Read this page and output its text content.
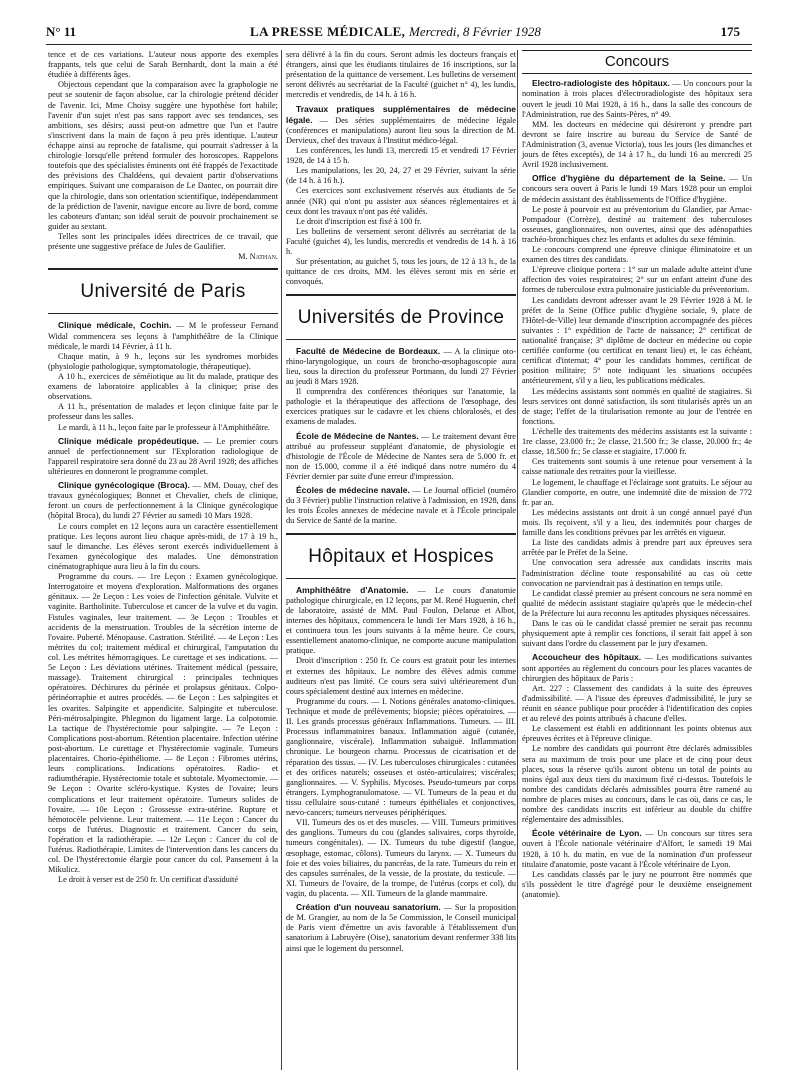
N° 11	LA PRESSE MÉDICALE, Mercredi, 8 Février 1928	175

tence et de ces variations. L'auteur nous apporte des exemples frappants, tels que celui de Sarah Bernhardt, dont la main a été étudiée à différents âges.

Objectous cependant que la comparaison avec la graphologie ne peut se soutenir de façon absolue, car la chirologie prétend décider de l'avenir. Ici, Mme Choisy suggère une hypothèse fort habile; l'avenir d'un sujet n'est pas sans rapport avec ses tendances, ses ambitions, ses désirs; aussi peut-on admettre que l'un et l'autre s'inscrivent dans la main de façon à peu près identique. L'auteur échappe ainsi au reproche de fatalisme, qui pourrait s'adresser à la chirologie lorsqu'elle prétend formuler des horoscopes. Rappelons toutefois que des spécialistes éminents ont été frappés de l'exactitude des prévisions des Chaldéens, qui devaient partir d'observations empiriques. Suivant une comparaison de Le Dantec, on pourrait dire que la chirologie, dans son orientation scientifique, indépendamment de la prédiction de l'avenir, navigue encore au livre de bord, comme les caboteurs d'antan; son idéal serait de pouvoir prochainement se guider au sextant.

Telles sont les principales idées directrices de ce travail, que présente une suggestive préface de Jules de Gaulifier.

M. Nathan.
Université de Paris

Clinique médicale, Cochin. — M le professeur Fernand Widal commencera ses leçons à l'amphithéâtre de la Clinique médicale, le mardi 14 Février, à 11 h.

Chaque matin, à 9 h., leçons sur les syndromes morbides (physiologie pathologique, symptomatologie, thérapeutique).

A 10 h., exercices de séméiotique au lit du malade, pratique des examens de laboratoire applicables à la clinique; prise des observations.

A 11 h., présentation de malades et leçon clinique faite par le professeur dans les salles.

Le mardi, à 11 h., leçon faite par le professeur à l'Amphithéâtre.

Clinique médicale propédeutique. — Le premier cours annuel de perfectionnement sur l'Exploration radiologique de l'appareil respiratoire sera donné du 23 au 28 Avril 1928; des affiches ultérieures en donneront le programme complet.

Clinique gynécologique (Broca). — MM. Douay, chef des travaux gynécologiques; Bonnet et Chevalier, chefs de clinique, feront un cours de perfectionnement à la Clinique gynécologique (hôpital Broca), du lundi 27 Février au samedi 10 Mars 1928.

Le cours complet en 12 leçons aura un caractère essentiellement pratique. Les leçons auront lieu chaque après-midi, de 17 à 19 h., sauf le dimanche. Les élèves seront exercés individuellement à l'examen gynécologique des malades. Une démonstration cinématographique aura lieu à la fin du cours.

Programme du cours. — 1re Leçon : Examen gynécologique. Interrogatoire et moyens d'exploration. Malformations des organes génitaux. — 2e Leçon : Les voies de l'infection génitale. Vulvite et vaginite. Bartholinite. Tuberculose et cancer de la vulve et du vagin. Fistules vaginales, leur traitement. — 3e Leçon : Troubles et accidents de la menstruation. Troubles de la sécrétion interne de l'ovaire. Puberté. Ménopause. Castration. Stérilité. — 4e Leçon : Les métrites du col; traitement médical et chirurgical, l'amputation du col. Les métrites hémorragiques. Le curettage et ses indications. — 5e Leçon : Les déviations utérines. Traitement médical (pessaire, massage). Traitement chirurgical : principales techniques opératoires. Déchirures du périnée et prolapsus génitaux. Colpo-périnéorraphie et autres procédés. — 6e Leçon : Les salpingites et les ovarites. Salpingite et appendicite. Salpingite et tuberculose. Péri-métrosalpingite. Phlegmon du ligament large. La colpotomie. La tactique de l'hystérectomie pour salpingite. — 7e Leçon : Complications post-abortum. Rétention placentaire. Infection utérine post-abortum. Le curettage et l'hystérectomie vaginale. Tumeurs placentaires. Chorio-épithéliome. — 8e Leçon : Fibromes utérins, leurs complications. Indications opératoires. Radio- et radiumthérapie. Hystérectomie totale et subtotale. Myomectomie. — 9e Leçon : Ovarite scléro-kystique. Kystes de l'ovaire; leurs complications et leur traitement opératoire. Tumeurs solides de l'ovaire. — 10e Leçon : Grossesse extra-utérine. Rupture et hémotocèle pelvienne. Leur traitement. — 11e Leçon : Cancer du corps de l'utérus. Diagnostic et traitement. Cancer du sein, l'opération et la radiothérapie. — 12e Leçon : Cancer du col de l'utérus. Radiothérapie. Limites de l'intervention dans les cancers du col. De l'hystérectomie élargie pour cancer du col. Pansement à la Mikulicz.

Le droit à verser est de 250 fr. Un certificat d'assiduité

sera délivré à la fin du cours. Seront admis les docteurs français et étrangers, ainsi que les étudiants titulaires de 16 inscriptions, sur la présentation de la quittance de versement. Les bulletins de versement seront délivrés au secrétariat de la Faculté (guichet n° 4), les lundis, mercredis et vendredis, de 14 h. à 16 h.

Travaux pratiques supplémentaires de médecine légale. — Des séries supplémentaires de médecine légale (conférences et manipulations) auront lieu sous la direction de M. Dervieux, chef des travaux à l'Institut médico-légal.

Les conférences, les lundi 13, mercredi 15 et vendredi 17 Février 1928, de 14 à 15 h.

Les manipulations, les 20, 24, 27 et 29 Février, suivant la série (de 14 h. à 16 h.).

Ces exercices sont exclusivement réservés aux étudiants de 5e année (NR) qui n'ont pu assister aux séances réglementaires et à ceux dont les travaux n'ont pas été validés.

Le droit d'inscription est fixé à 100 fr.

Les bulletins de versement seront délivrés au secrétariat de la Faculté (guichet 4), les lundis, mercredis et vendredis de 14 h. à 16 h.

Sur présentation, au guichet 5, tous les jours, de 12 à 13 h., de la quittance de ces droits, MM. les élèves seront mis en série et convoqués.

Universités de Province

Faculté de Médecine de Bordeaux. — A la clinique oto-rhino-laryngologique, un cours de broncho-œsophagoscopie aura lieu, sous la direction du professeur Portmann, du lundi 27 Février au jeudi 8 Mars 1928.

Il comprendra des conférences théoriques sur l'anatomie, la pathologie et la thérapeutique des affections de l'œsophage, des exercices pratiques sur le cadavre et les chiens chloralosés, et des examens de malades.

École de Médecine de Nantes. — Le traitement devant être attribué au professeur suppléant d'anatomie, de physiologie et d'histologie de l'École de Médecine de Nantes sera de 5.000 fr. et non de 15.000, comme il a été indiqué dans notre numéro du 4 Février dernier par suite d'une erreur d'impression.

Écoles de médecine navale. — Le Journal officiel (numéro du 3 Février) publie l'instruction relative à l'admission, en 1928, dans les trois Écoles annexes de médecine navale et à l'École principale du Service de Santé de la marine.

Hôpitaux et Hospices

Amphithéâtre d'Anatomie. — Le cours d'anatomie pathologique chirurgicale, en 12 leçons, par M. René Huguenin, chef de laboratoire, assisté de MM. Paul Foulon, Delarue et Albot, internes des hôpitaux, commencera le lundi 1er Mars 1928, à 16 h., et continuera tous les jours suivants à la même heure. Ce cours, essentiellement anatomo-clinique, ne comporte aucune manipulation pratique.

Droit d'inscription : 250 fr. Ce cours est gratuit pour les internes et externes des hôpitaux. Le nombre des élèves admis comme auditeurs n'est pas limité. Ce cours sera suivi ultérieurement d'un cours spécialement destiné aux internes en médecine.

Programme du cours. — I. Notions générales anatomo-cliniques. Technique et mode de prélèvements; biopsie; pièces opératoires. — II. Les grands processus généraux Inflammations. Tumeurs. — III. Processus inflammatoires banaux. Inflammation aiguë (cutanée, ganglionnaire, viscérale). Inflammation subaiguë. Inflammation chronique. Le bourgeon charnu. Processus de cicatrisation et de réparation des tissus. — IV. Les tuberculoses chirurgicales : cutanées et des orifices naturels; osseuses et ostéo-articulaires; viscérales; ganglionnaires. — V. Syphilis. Mycoses. Pseudo-tumeurs par corps étrangers. Lymphogranulomatose. — VI. Tumeurs de la peau et du tissu cellulaire sous-cutané : tumeurs épithéliales et conjonctives, nævo-cancers; tumeurs nerveuses périphériques.

VII. Tumeurs des os et des muscles. — VIII. Tumeurs primitives des ganglions. Tumeurs du cou (glandes salivaires, corps thyroïde, tumeurs congénitales). — IX. Tumeurs du tube digestif (langue, œsophage, estomac, côlons). Tumeurs du larynx. — X. Tumeurs du foie et des voies biliaires, du pancréas, de la rate. Tumeurs du rein et des capsules surrénales, de la vessie, de la prostate, du testicule. — XI. Tumeurs de l'ovaire, de la trompe, de l'utérus (corps et col), du vagin, du placenta. — XII. Tumeurs de la glande mammaire.

Création d'un nouveau sanatorium. — Sur la proposition de M. Grangier, au nom de la 5e Commission, le Conseil municipal de Paris vient d'émettre un avis favorable à l'établissement d'un sanatorium à Labruyère (Oise), sanatorium devant renfermer 338 lits ainsi que le logement du personnel.

Concours

Electro-radiologiste des hôpitaux. — Un concours pour la nomination à trois places d'électroradiologiste des hôpitaux sera ouvert le jeudi 10 Mai 1928, à 16 h., dans la salle des concours de l'Administration, rue des Saints-Pères, n° 49.

MM. les docteurs en médecine qui désireront y prendre part devront se faire inscrire au bureau du Service de Santé de l'Administration (3, avenue Victoria), tous les jours (les dimanches et jours de fêtes exceptés), de 14 à 17 h., du lundi 16 au mercredi 25 Avril 1928 inclusivement.

Office d'hygiène du département de la Seine. — Un concours sera ouvert à Paris le lundi 19 Mars 1928 pour un emploi de médecin assistant des établissements de l'Office d'hygiène.

Le poste à pourvoir est au préventorium du Glandier, par Arnac-Pompadour (Corrèze), destiné au traitement des tuberculoses osseuses, ganglionnaires, non ouvertes, ainsi que des adénopathies trachéo-bronchiques chez les enfants et adultes du sexe féminin.

Le concours comprend une épreuve clinique éliminatoire et un examen des titres des candidats.

L'épreuve clinique portera : 1° sur un malade adulte atteint d'une affection des voies respiratoires; 2° sur un enfant atteint d'une des formes de tuberculose extra pulmonaire justiciable du préventorium.

Les candidats devront adresser avant le 29 Février 1928 à M. le préfet de la Seine (Office public d'hygiène sociale, 9, place de l'Hôtel-de-Ville) leur demande d'inscription accompagnée des pièces suivantes : 1° expédition de l'acte de naissance; 2° certificat de nationalité française; 3° diplôme de docteur en médecine ou copie certifiée conforme (ou certificat en tenant lieu) et, le cas échéant, certificat d'internat; 4° pour les candidats hommes, certificat de position militaire; 5° note indiquant les situations occupées antérieurement, s'il y a lieu, les publications médicales.

Les médecins assistants sont nommés en qualité de stagiaires. Si leurs services ont donné satisfaction, ils sont titularisés après un an de stage; l'effet de la titularisation remonte au jour de l'entrée en fonctions.

L'échelle des traitements des médecins assistants est la suivante : 1re classe, 23.000 fr.; 2e classe, 21.500 fr.; 3e classe, 20.000 fr.; 4e classe, 18.500 fr.; 5e classe et stagiaire, 17.000 fr.

Ces traitements sont soumis à une retenue pour versement à la caisse nationale des retraites pour la vieillesse.

Le logement, le chauffage et l'éclairage sont gratuits. Le séjour au Glandier comporte, en outre, une indemnité dite de mission de 772 fr. par an.

Les médecins assistants ont droit à un congé annuel payé d'un mois. Ils reçoivent, s'il y a lieu, des indemnités pour charges de famille dans les conditions prévues par les arrêtés en vigueur.

La liste des candidats admis à prendre part aux épreuves sera arrêtée par le Préfet de la Seine.

Une convocation sera adressée aux candidats inscrits mais l'administration décline toute responsabilité au cas où cette convocation ne parviendrait pas à destination en temps utile.

Le candidat classé premier au présent concours ne sera nommé en qualité de médecin assistant stagiaire qu'après que le médecin-chef de la Préfecture lui aura reconnu les aptitudes physiques nécessaires.

Dans le cas où le candidat classé premier ne serait pas reconnu physiquement apte à remplir ces fonctions, il serait fait appel à son suivant dans l'ordre du classement par le jury d'examen.

Accoucheur des hôpitaux. — Les modifications suivantes sont apportées au règlement du concours pour les places vacantes de chirurgien des hôpitaux de Paris :

Art. 227 : Classement des candidats à la suite des épreuves d'admissibilité. — A l'issue des épreuves d'admissibilité, le jury se réunit en séance publique pour procéder à l'identification des copies et au relevé des points attribués à chacune d'elles.

Le classement est établi en additionnant les points obtenus aux épreuves écrites et à l'épreuve clinique.

Le nombre des candidats qui pourront être déclarés admissibles sera au maximum de trois pour une place et de cinq pour deux places, sous la réserve qu'ils auront obtenu un total de points au moins égal aux deux tiers du maximum fixé ci-dessus. Toutefois le nombre des candidats déclarés admissibles pourra être ramené au nombre de places mises au concours, dans le cas où, dans ce cas, le nombre des candidats inscrits est inférieur au double du chiffre réglementaire des admissibles.

École vétérinaire de Lyon. — Un concours sur titres sera ouvert à l'École nationale vétérinaire d'Alfort, le samedi 19 Mai 1928, à 10 h. du matin, en vue de la nomination d'un professeur titulaire d'anatomie, poste vacant à l'École vétérinaire de Lyon.

Les candidats classés par le jury ne pourront être nommés que s'ils possèdent le titre d'agrégé pour le deuxième enseignement (anatomie).
